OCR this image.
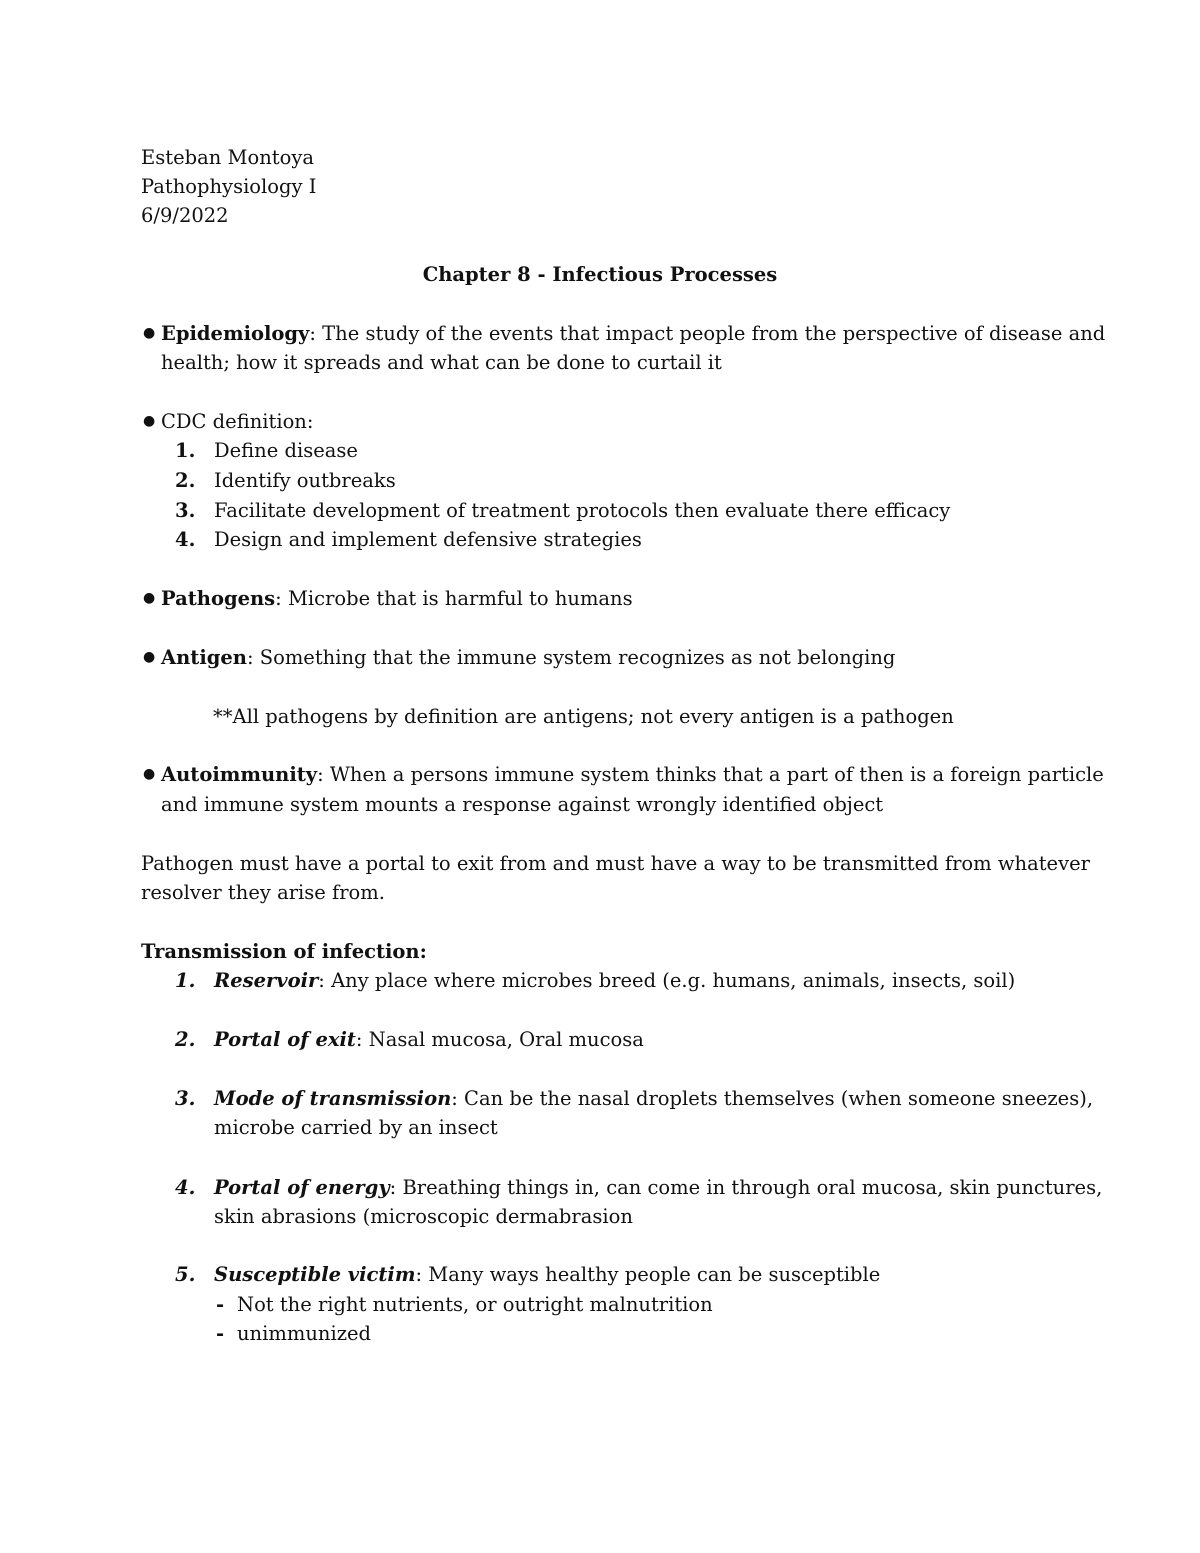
Esteban Montoya
Pathophysiology I
6/9/2022
Chapter 8 - Infectious Processes
● Epidemiology: The study of the events that impact people from the perspective of disease and
health; how it spreads and what can be done to curtail it
● CDC definition:
1. Define disease
2. Identify outbreaks
3. Facilitate development of treatment protocols then evaluate there efficacy
4. Design and implement defensive strategies
● Pathogens: Microbe that is harmful to humans
● Antigen: Something that the immune system recognizes as not belonging
**All pathogens by definition are antigens; not every antigen is a pathogen
● Autoimmunity: When a persons immune system thinks that a part of then is a foreign particle
and immune system mounts a response against wrongly identified object
Pathogen must have a portal to exit from and must have a way to be transmitted from whatever
resolver they arise from.
Transmission of infection:
1. Reservoir: Any place where microbes breed (e.g. humans, animals, insects, soil)
2. Portal of exit: Nasal mucosa, Oral mucosa
3. Mode of transmission: Can be the nasal droplets themselves (when someone sneezes),
microbe carried by an insect
4. Portal of energy: Breathing things in, can come in through oral mucosa, skin punctures,
skin abrasions (microscopic dermabrasion
5. Susceptible victim: Many ways healthy people can be susceptible
- Not the right nutrients, or outright malnutrition
- unimmunized
